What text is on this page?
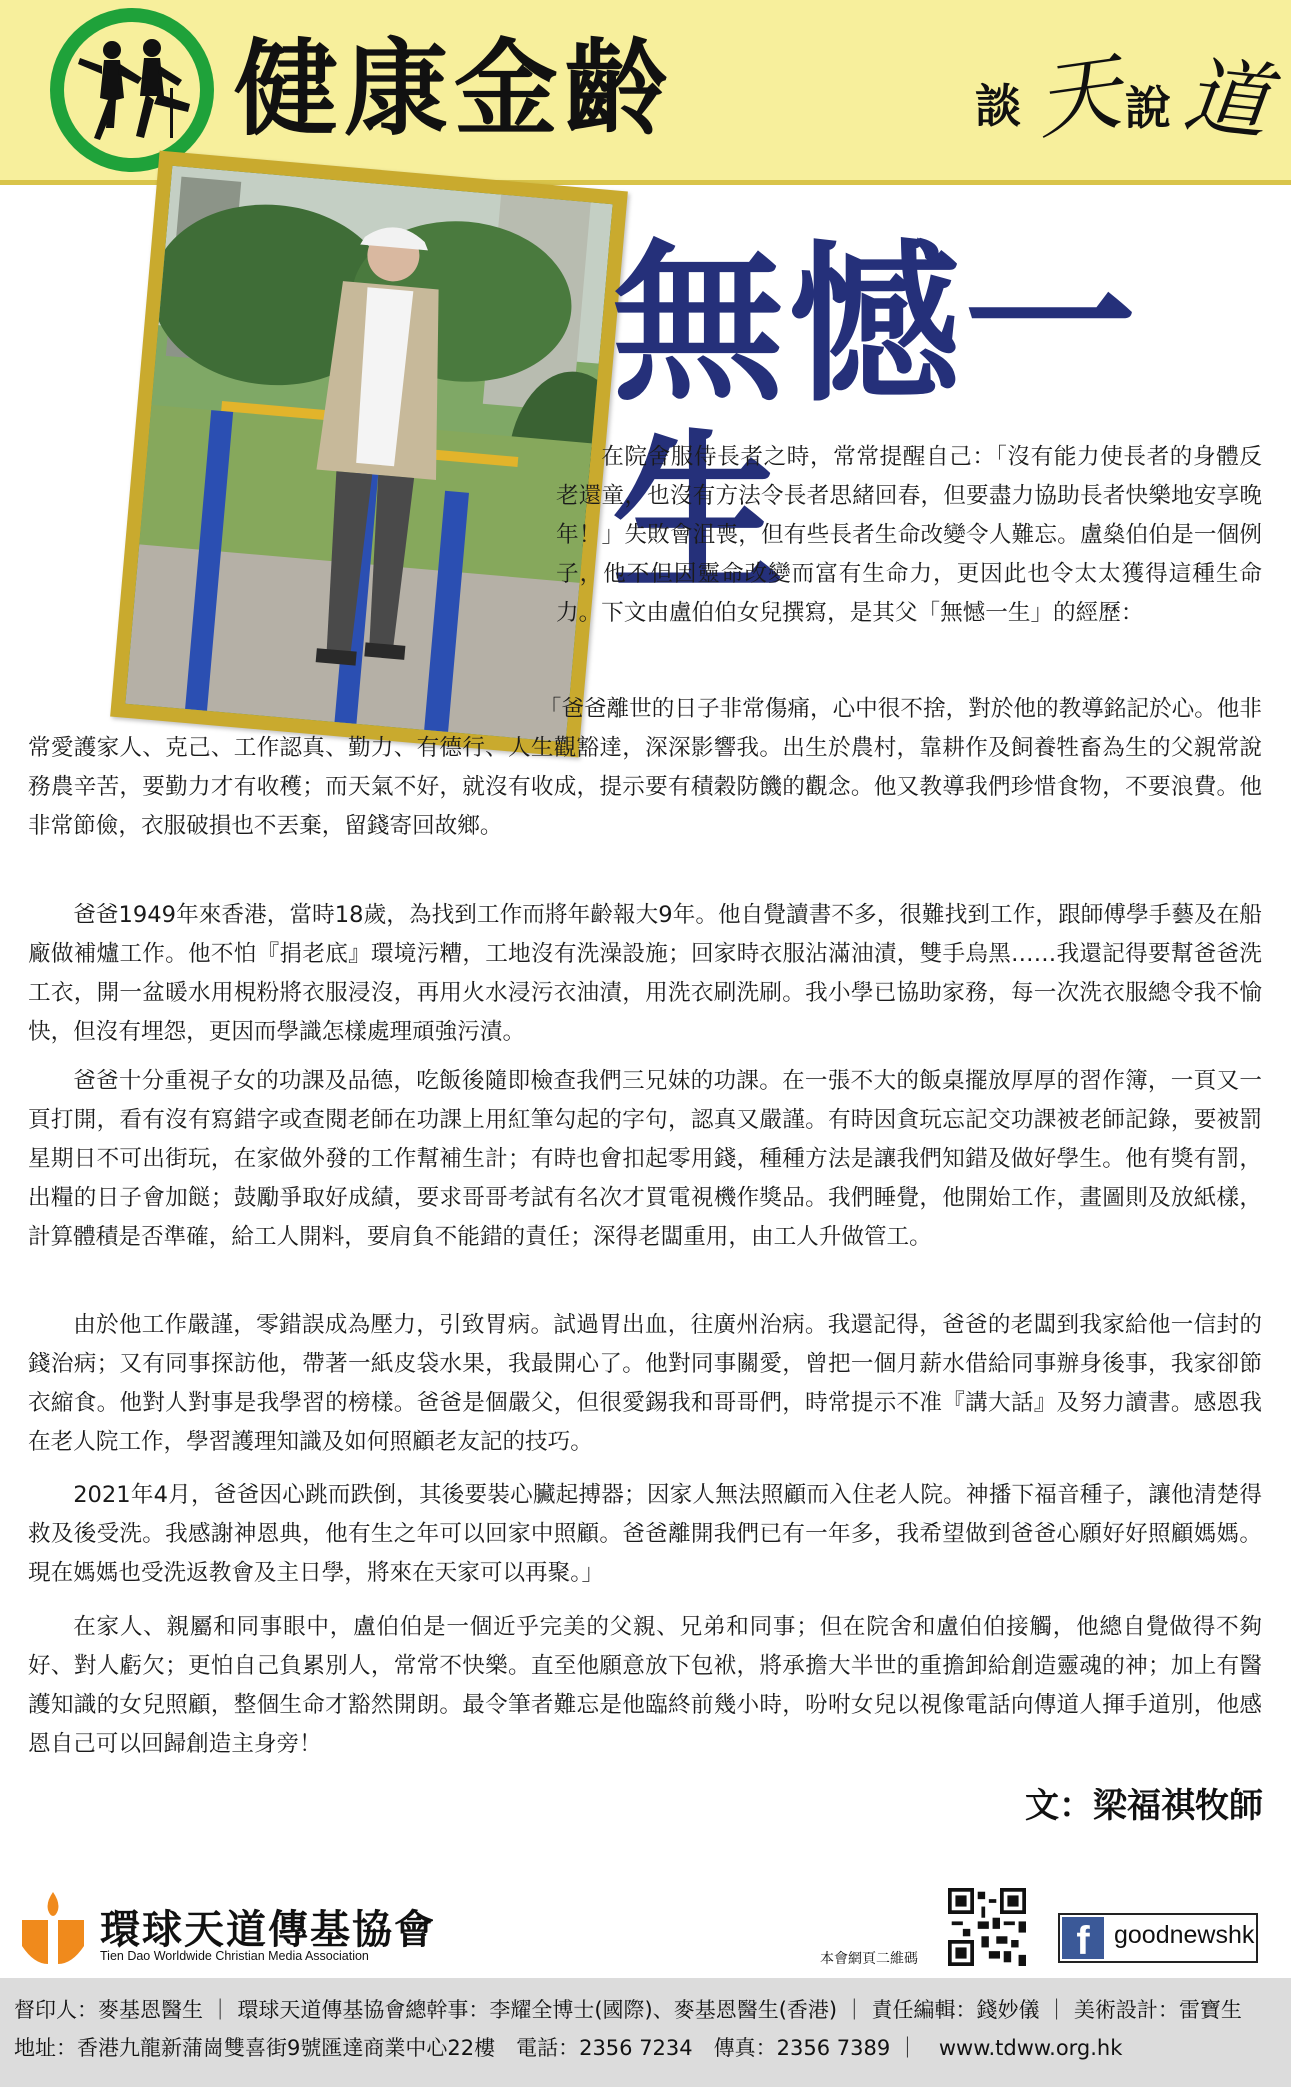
健康金齡	談 天
說 道
無憾一生

在院舍服侍長者之時，常常提醒自己：「沒有能力使長者的身體反老還童，也沒有方法令長者思緒回春，但要盡力協助長者快樂地安享晚年！」失敗會沮喪，但有些長者生命改變令人難忘。盧燊伯伯是一個例子，他不但因靈命改變而富有生命力，更因此也令太太獲得這種生命力。下文由盧伯伯女兒撰寫，是其父「無憾一生」的經歷：

「爸爸離世的日子非常傷痛，心中很不捨，對於他的教導銘記於心。他非常愛護家人、克己、工作認真、勤力、有德行、人生觀豁達，深深影響我。出生於農村，靠耕作及飼養牲畜為生的父親常說務農辛苦，要勤力才有收穫；而天氣不好，就沒有收成，提示要有積穀防饑的觀念。他又教導我們珍惜食物，不要浪費。他非常節儉，衣服破損也不丟棄，留錢寄回故鄉。

爸爸1949年來香港，當時18歲，為找到工作而將年齡報大9年。他自覺讀書不多，很難找到工作，跟師傅學手藝及在船廠做補爐工作。他不怕『捐老底』環境污糟，工地沒有洗澡設施；回家時衣服沾滿油漬，雙手烏黑……我還記得要幫爸爸洗工衣，開一盆暖水用梘粉將衣服浸沒，再用火水浸污衣油漬，用洗衣刷洗刷。我小學已協助家務，每一次洗衣服總令我不愉快，但沒有埋怨，更因而學識怎樣處理頑強污漬。

爸爸十分重視子女的功課及品德，吃飯後隨即檢查我們三兄妹的功課。在一張不大的飯桌擺放厚厚的習作簿，一頁又一頁打開，看有沒有寫錯字或查閱老師在功課上用紅筆勾起的字句，認真又嚴謹。有時因貪玩忘記交功課被老師記錄，要被罰星期日不可出街玩，在家做外發的工作幫補生計；有時也會扣起零用錢，種種方法是讓我們知錯及做好學生。他有獎有罰，出糧的日子會加餸；鼓勵爭取好成績，要求哥哥考試有名次才買電視機作獎品。我們睡覺，他開始工作，畫圖則及放紙樣，計算體積是否準確，給工人開料，要肩負不能錯的責任；深得老闆重用，由工人升做管工。

由於他工作嚴謹，零錯誤成為壓力，引致胃病。試過胃出血，往廣州治病。我還記得，爸爸的老闆到我家給他一信封的錢治病；又有同事探訪他，帶著一紙皮袋水果，我最開心了。他對同事關愛，曾把一個月薪水借給同事辦身後事，我家卻節衣縮食。他對人對事是我學習的榜樣。爸爸是個嚴父，但很愛錫我和哥哥們，時常提示不准『講大話』及努力讀書。感恩我在老人院工作，學習護理知識及如何照顧老友記的技巧。

2021年4月，爸爸因心跳而跌倒，其後要裝心臟起搏器；因家人無法照顧而入住老人院。神播下福音種子，讓他清楚得救及後受洗。我感謝神恩典，他有生之年可以回家中照顧。爸爸離開我們已有一年多，我希望做到爸爸心願好好照顧媽媽。現在媽媽也受洗返教會及主日學，將來在天家可以再聚。」

在家人、親屬和同事眼中，盧伯伯是一個近乎完美的父親、兄弟和同事；但在院舍和盧伯伯接觸，他總自覺做得不夠好、對人虧欠；更怕自己負累別人，常常不快樂。直至他願意放下包袱，將承擔大半世的重擔卸給創造靈魂的神；加上有醫護知識的女兒照顧，整個生命才豁然開朗。最令筆者難忘是他臨終前幾小時，吩咐女兒以視像電話向傳道人揮手道別，他感恩自己可以回歸創造主身旁！

文：梁福祺牧師
環球天道傳基協會
Tien Dao Worldwide Christian Media Association	本會網頁二維碼	f goodnewshk
督印人：麥基恩醫生 ｜ 環球天道傳基協會總幹事：李耀全博士(國際)、麥基恩醫生(香港) ｜ 責任編輯：錢妙儀 ｜ 美術設計：雷寶生
地址：香港九龍新蒲崗雙喜街9號匯達商業中心22樓　電話：2356 7234　傳真：2356 7389 ｜　www.tdww.org.hk
